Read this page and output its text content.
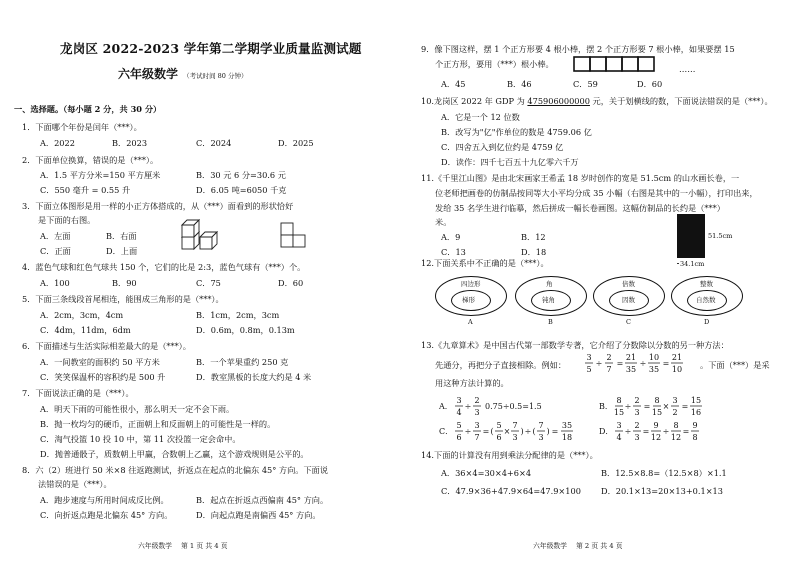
龙岗区 2022-2023 学年第二学期学业质量监测试题
六年级数学 （考试时间 80 分钟）
一、选择题。（每小题 2 分，共 30 分）
1．下面哪个年份是闰年（***）。
A．2022	B．2023	C．2024	D．2025
2．下面单位换算，错误的是（***）。
A．1.5 平方分米=150 平方厘米	B．30 元 6 分=30.6 元
C．550 毫升 = 0.55 升	D．6.05 吨=6050 千克
3．下面立体图形是用一样的小正方体搭成的，从（***）面看到的形状恰好
是下面的右图。
A．左面	B．右面
C．正面	D．上面
4．蓝色气球和红色气球共 150 个，它们的比是 2:3，蓝色气球有（***）个。
A．100	B．90	C．75	D．60
5．下面三条线段首尾相连，能围成三角形的是（***）。
A．2cm，3cm，4cm	B．1cm，2cm，3cm
C．4dm，11dm，6dm	D．0.6m，0.8m，0.13m
6．下面描述与生活实际相差最大的是（***）。
A．一间教室的面积约 50 平方米	B．一个苹果重约 250 克
C．笑笑保温杯的容积约是 500 升	D．教室黑板的长度大约是 4 米
7．下面说法正确的是（***）。
A．明天下雨的可能性很小，那么明天一定不会下雨。
B．抛一枚均匀的硬币，正面朝上和反面朝上的可能性是一样的。
C．淘气投篮 10 投 10 中，第 11 次投篮一定会命中。
D．抛普通骰子，质数朝上甲赢，合数朝上乙赢，这个游戏规则是公平的。
8．六（2）班进行 50 米×8 往返跑测试，折返点在起点的北偏东 45° 方向。下面说
法错误的是（***）。
A．跑步速度与所用时间成反比例。	B．起点在折返点西偏南 45° 方向。
C．向折返点跑是北偏东 45° 方向。	D．向起点跑是南偏西 45° 方向。
六年级数学　 第 1 页 共 4 页
9．像下图这样，摆 1 个正方形要 4 根小棒，摆 2 个正方形要 7 根小棒，如果要摆 15
个正方形，要用（***）根小棒。	……
A．45	B．46	C．59	D．60
10.龙岗区 2022 年 GDP 为 475906000000 元，关于划横线的数，下面说法错误的是（***）。
A．它是一个 12 位数
B．改写为"亿"作单位的数是 4759.06 亿
C．四舍五入到亿位约是 4759 亿
D．读作：四千七百五十九亿零六千万
11.《千里江山图》是由北宋画家王希孟 18 岁时创作的宽是 51.5cm 的山水画长卷，一
位老师把画卷的仿制品按同等大小平均分成 35 小幅（右图是其中的一小幅），打印出来，
发给 35 名学生进行临摹，然后拼成一幅长卷画图。这幅仿制品的长约是（***）
米。
A．9	B．12
C．13	D．18
51.5cm
34.1cm
12.下面关系中不正确的是（***）。
四边形
梯形
A
角
钝角
B
倍数
因数
C
整数
自然数
D
13.《九章算术》是中国古代第一部数学专著，它介绍了分数除以分数的另一种方法：
先通分，再把分子直接相除。例如：
3
5
÷
2
7
=
21
35
÷
10
35
=
21
10 。下面（***）是采
用这种方法计算的。
A．
3
4
÷
2
3
0.75÷0.5=1.5	B．
8
15
÷
2
3
=
8
15
×
3
2
=
15
16
C．
5
6
÷
3
7
= (
5
6
×
7
3
) ÷ (
7
3
) =
35
18
D．
3
4
÷
2
3
=
9
12
÷
8
12
=
9
8
14.下面的计算没有用到乘法分配律的是（***）。
A．36×4=30×4+6×4	B．12.5×8.8=（12.5×8）×1.1
C．47.9×36+47.9×64=47.9×100 D．20.1×13=20×13+0.1×13
六年级数学　 第 2 页 共 4 页
